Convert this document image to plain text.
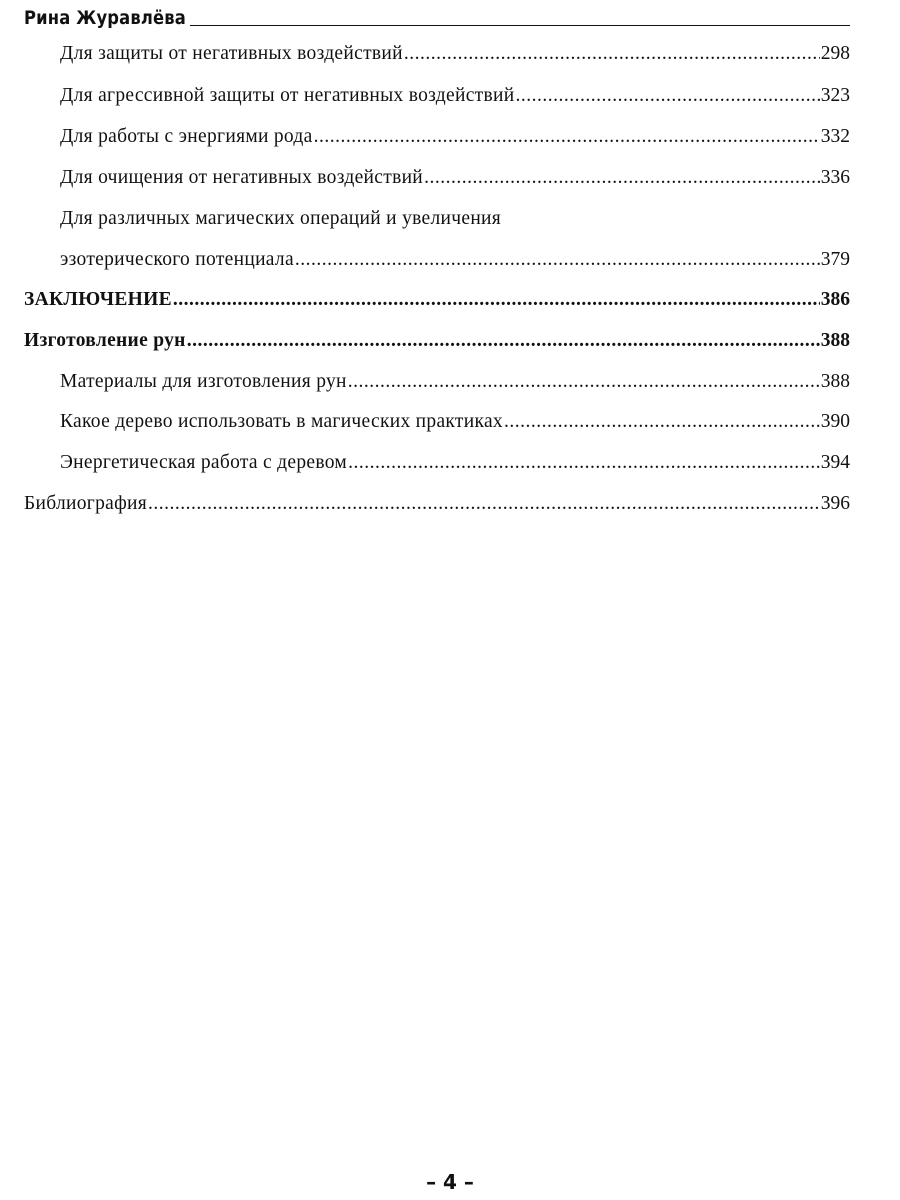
Рина Журавлёва
Для защиты от негативных воздействий .....	298
Для агрессивной защиты от негативных воздействий .....	323
Для работы с энергиями рода .....	332
Для очищения от негативных воздействий .....	336
Для различных магических операций и увеличения
эзотерического потенциала .....	379
ЗАКЛЮЧЕНИЕ .....	386
Изготовление рун .....	388
Материалы для изготовления рун .....	388
Какое дерево использовать в магических практиках .....	390
Энергетическая работа с деревом .....	394
Библиография .....	396
– 4 –
